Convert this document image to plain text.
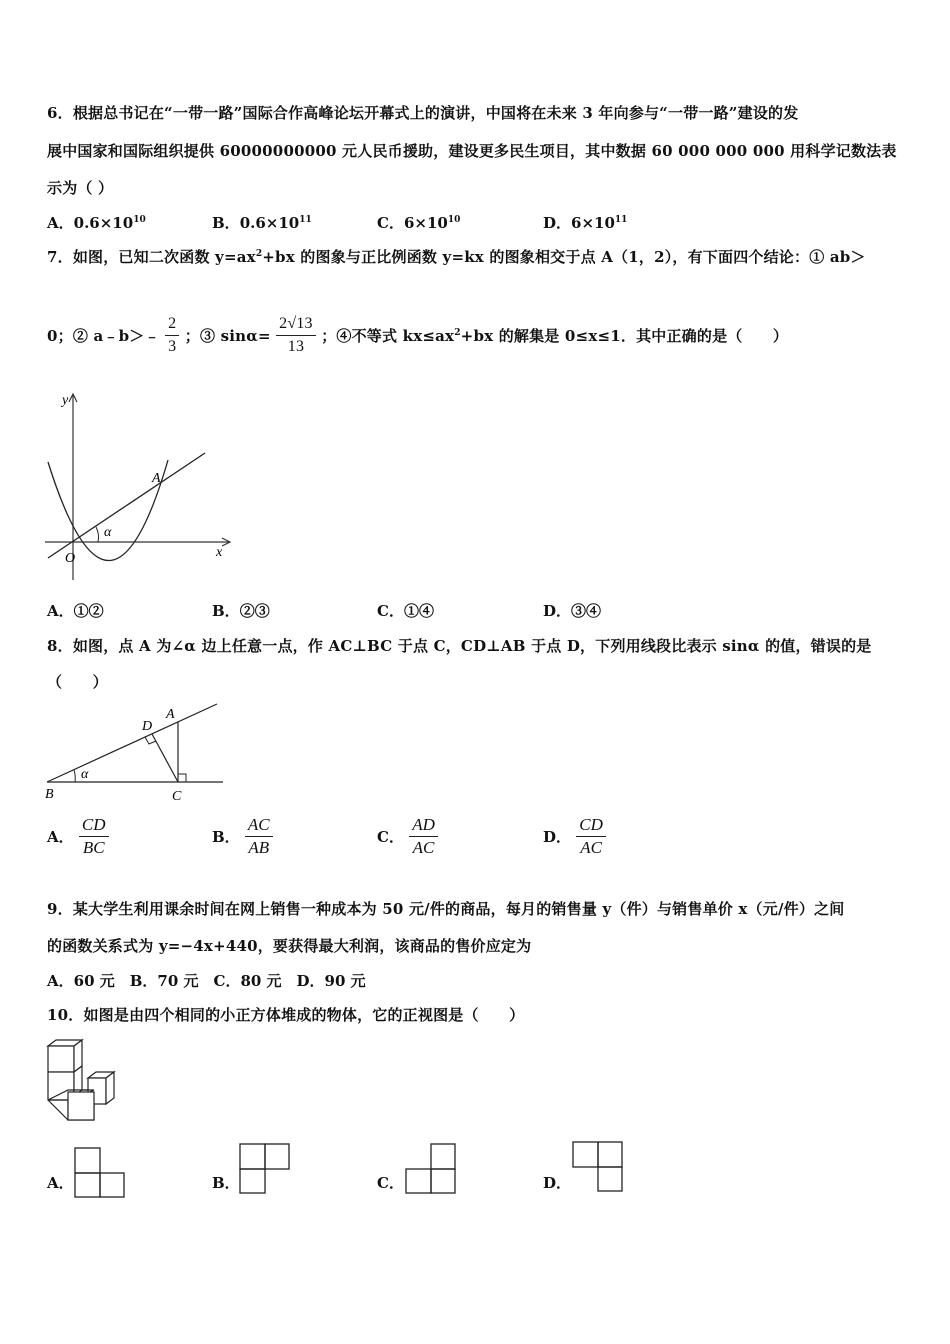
6．根据总书记在“一带一路”国际合作高峰论坛开幕式上的演讲，中国将在未来 3 年向参与“一带一路”建设的发
展中国家和国际组织提供 60000000000 元人民币援助，建设更多民生项目，其中数据 60 000 000 000 用科学记数法表
示为（ ）
A．$0.6\times 10^{10}$	B．$0.6\times 10^{11}$	C．$6\times 10^{10}$	D．$6\times 10^{11}$
7．如图，已知二次函数 $y=ax^2+bx$ 的图象与正比例函数 y=kx 的图象相交于点 A（1，2），有下面四个结论：① ab＞
0；② a﹣b＞﹣ $\frac{2}{3}$ ；③ $\sin\alpha= \frac{2√13}{13}$ ；④不等式 $kx\le ax^2+bx$ 的解集是 0≤x≤1．其中正确的是（　　）
y
x
O
A
α
A．①②	B．②③	C．①④	D．③④
8．如图，点 A 为∠α 边上任意一点，作 AC⊥BC 于点 C，CD⊥AB 于点 D，下列用线段比表示 sinα 的值，错误的是
（　　）
A
D
B	C
α
A． $\frac{CD}{BC}$	B． $\frac{AC}{AB}$	C． $\frac{AD}{AC}$	D． $\frac{CD}{AC}$
9．某大学生利用课余时间在网上销售一种成本为 50 元/件的商品，每月的销售量 y（件）与销售单价 x（元/件）之间
的函数关系式为 y=−4x+440，要获得最大利润，该商品的售价应定为
A．60 元　B．70 元　C．80 元　D．90 元
10．如图是由四个相同的小正方体堆成的物体，它的正视图是（　　）
A．	B．	C．	D．
